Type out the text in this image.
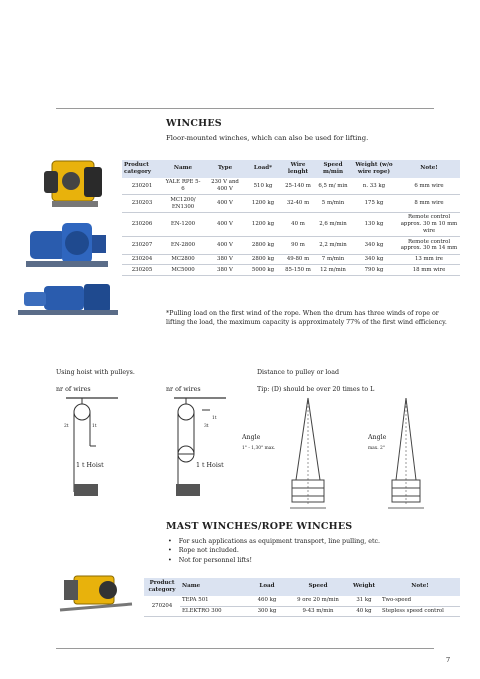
WINCHES
Floor-mounted winches, which can also be used for lifting.
Product category	Name	Type	Load*	Wire lenght	Speed m/min	Weight (w/o wire rope)	Note!
230201	YALE RPE 5-6	230 V and 400 V	510 kg	25-140 m	6,5 m/ min	n. 33 kg	6 mm wire
230203	MC1200/ EN1300	400 V	1200 kg	32-40 m	5 m/min	175 kg	8 mm wire
230206	EN-1200	400 V	1200 kg	40 m	2,6 m/min	130 kg	Remote control approx. 30 m 10 mm wire
230207	EN-2800	400 V	2800 kg	90 m	2,2 m/min	340 kg	Remote control approx. 30 m 14 mm
230204	MC2800	380 V	2800 kg	49-80 m	7 m/min	340 kg	13 mm ire
230205	MC5000	380 V	5000 kg	85-150 m	12 m/min	790 kg	18 mm wire
*Pulling load on the first wind of the rope. When the drum has three winds of rope or lifting the load, the maximum capacity is approximately 77% of the first wind efficiency.
Using hoist with pulleys.	Distance to pulley or load
nr of wires	nr of wires	Tip: (D) should be over 20 times to L
2t	1t
1 t Hoist
3t
1t
1 t Hoist
Angle
1° - 1,30° max.
Angle
max. 2°
MAST WINCHES/ROPE WINCHES
• For such applications as equipment transport, line pulling, etc.
• Rope not included.
• Not for personnel lifts!
Product category	Name	Load	Speed	Weight	Note!
270204	TEPA 501	460 kg	9 ore 20 m/min	31 kg	Two-speed
	ELEKTRO 300	300 kg	9-43 m/min	40 kg	Stepless speed control
7
